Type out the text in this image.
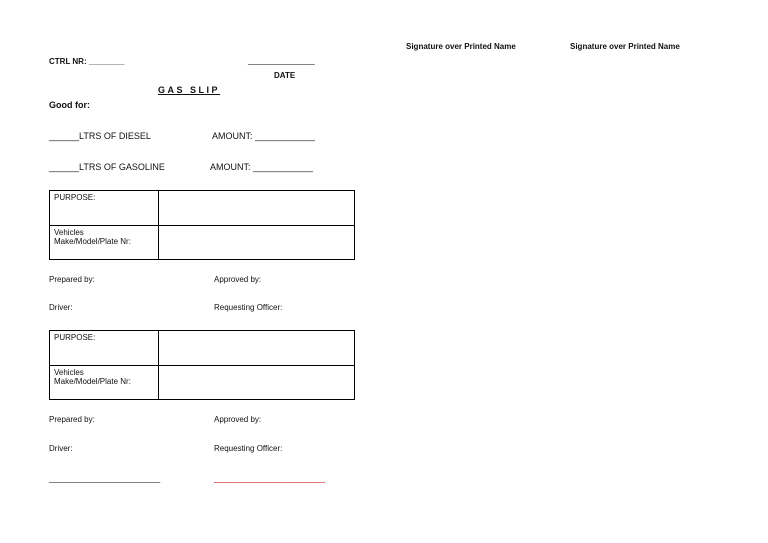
Signature over Printed Name	Signature over Printed Name
CTRL NR: ________	_______________
DATE
GAS SLIP
Good for:
______LTRS OF DIESEL	AMOUNT: ____________
______LTRS OF GASOLINE	AMOUNT: ____________
PURPOSE:	

Vehicles
Make/Model/Plate Nr:	

Prepared by:	Approved by:
Driver:	Requesting Officer:
PURPOSE:	

Vehicles
Make/Model/Plate Nr:	

Prepared by:	Approved by:
Driver:	Requesting Officer:
_________________________	_________________________
